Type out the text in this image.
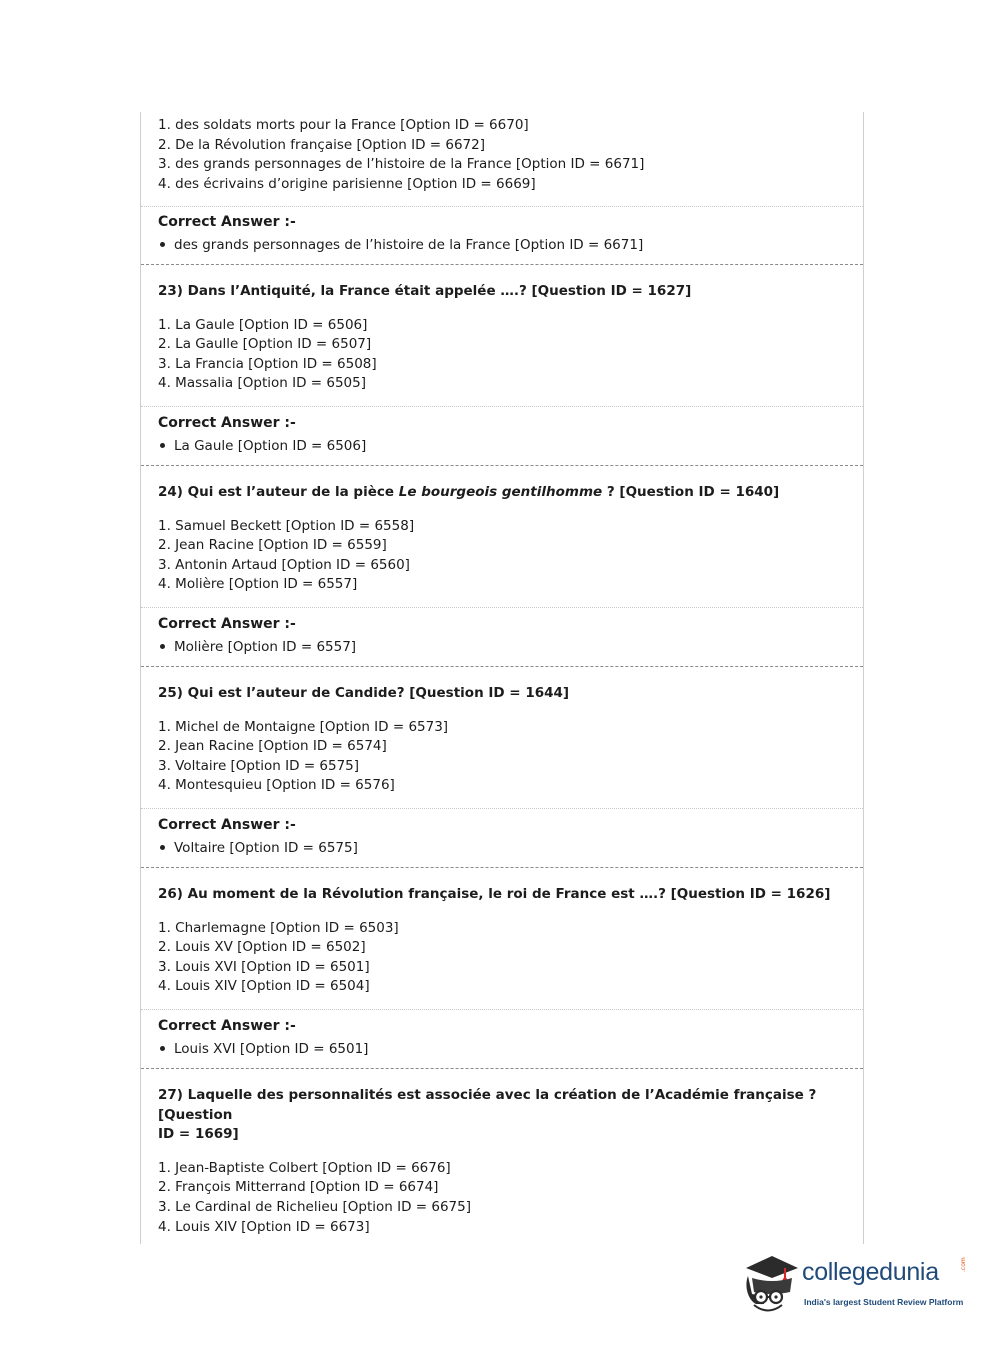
1. des soldats morts pour la France [Option ID = 6670]
2. De la Révolution française [Option ID = 6672]
3. des grands personnages de l’histoire de la France [Option ID = 6671]
4. des écrivains d’origine parisienne [Option ID = 6669]
Correct Answer :-
des grands personnages de l’histoire de la France [Option ID = 6671]
23) Dans l’Antiquité, la France était appelée ….? [Question ID = 1627]
1. La Gaule [Option ID = 6506]
2. La Gaulle [Option ID = 6507]
3. La Francia [Option ID = 6508]
4. Massalia [Option ID = 6505]
Correct Answer :-
La Gaule [Option ID = 6506]
24) Qui est l’auteur de la pièce Le bourgeois gentilhomme ? [Question ID = 1640]
1. Samuel Beckett [Option ID = 6558]
2. Jean Racine [Option ID = 6559]
3. Antonin Artaud [Option ID = 6560]
4. Molière [Option ID = 6557]
Correct Answer :-
Molière [Option ID = 6557]
25) Qui est l’auteur de Candide? [Question ID = 1644]
1. Michel de Montaigne [Option ID = 6573]
2. Jean Racine [Option ID = 6574]
3. Voltaire [Option ID = 6575]
4. Montesquieu [Option ID = 6576]
Correct Answer :-
Voltaire [Option ID = 6575]
26) Au moment de la Révolution française, le roi de France est ….? [Question ID = 1626]
1. Charlemagne [Option ID = 6503]
2. Louis XV [Option ID = 6502]
3. Louis XVI [Option ID = 6501]
4. Louis XIV [Option ID = 6504]
Correct Answer :-
Louis XVI [Option ID = 6501]
27) Laquelle des personnalités est associée avec la création de l’Académie française ? [Question
ID = 1669]
1. Jean-Baptiste Colbert [Option ID = 6676]
2. François Mitterrand [Option ID = 6674]
3. Le Cardinal de Richelieu [Option ID = 6675]
4. Louis XIV [Option ID = 6673]
collegedunia	.com
India's largest Student Review Platform
